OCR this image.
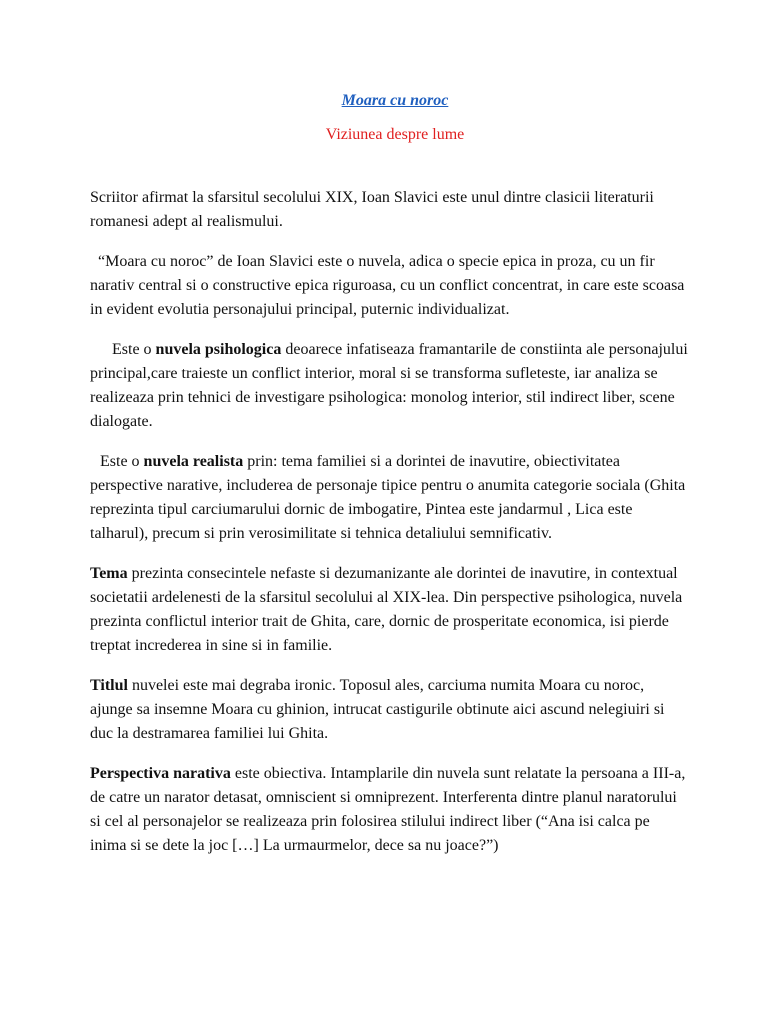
Moara cu noroc
Viziunea despre lume

Scriitor afirmat la sfarsitul secolului XIX, Ioan Slavici este unul dintre clasicii literaturii romanesi adept al realismului.

“Moara cu noroc” de Ioan Slavici este o nuvela, adica o specie epica in proza, cu un fir narativ central si o constructive epica riguroasa, cu un conflict concentrat, in care este scoasa in evident evolutia personajului principal, puternic individualizat.

Este o nuvela psihologica deoarece infatiseaza framantarile de constiinta ale personajului principal,care traieste un conflict interior, moral si se transforma sufleteste, iar analiza se realizeaza prin tehnici de investigare psihologica: monolog interior, stil indirect liber, scene dialogate.

Este o nuvela realista prin: tema familiei si a dorintei de inavutire, obiectivitatea perspective narative, includerea de personaje tipice pentru o anumita categorie sociala (Ghita reprezinta tipul carciumarului dornic de imbogatire, Pintea este jandarmul , Lica este talharul), precum si prin verosimilitate si tehnica detaliului semnificativ.

Tema prezinta consecintele nefaste si dezumanizante ale dorintei de inavutire, in contextual societatii ardelenesti de la sfarsitul secolului al XIX-lea. Din perspective psihologica, nuvela prezinta conflictul interior trait de Ghita, care, dornic de prosperitate economica, isi pierde treptat increderea in sine si in familie.

Titlul nuvelei este mai degraba ironic. Toposul ales, carciuma numita Moara cu noroc, ajunge sa insemne Moara cu ghinion, intrucat castigurile obtinute aici ascund nelegiuiri si duc la destramarea familiei lui Ghita.

Perspectiva narativa este obiectiva. Intamplarile din nuvela sunt relatate la persoana a III-a, de catre un narator detasat, omniscient si omniprezent. Interferenta dintre planul naratorului si cel al personajelor se realizeaza prin folosirea stilului indirect liber (“Ana isi calca pe inima si se dete la joc […] La urmaurmelor, dece sa nu joace?”)
